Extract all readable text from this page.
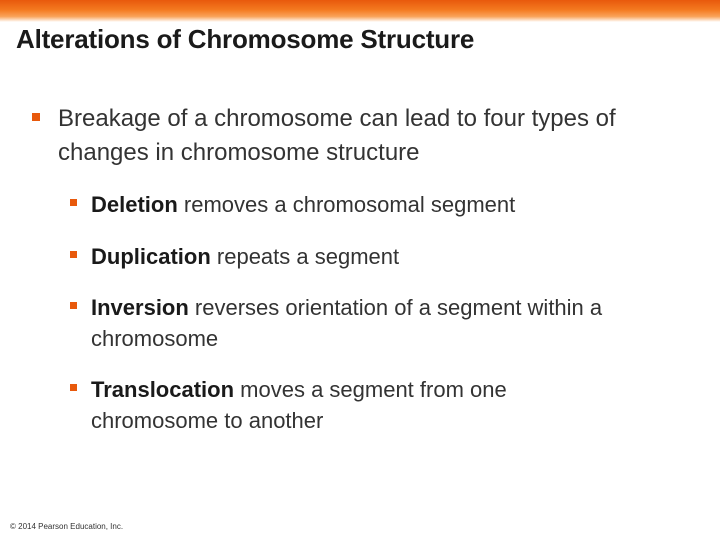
Alterations of Chromosome Structure
Breakage of a chromosome can lead to four types of changes in chromosome structure
Deletion removes a chromosomal segment
Duplication repeats a segment
Inversion reverses orientation of a segment within a chromosome
Translocation moves a segment from one chromosome to another
© 2014 Pearson Education, Inc.
